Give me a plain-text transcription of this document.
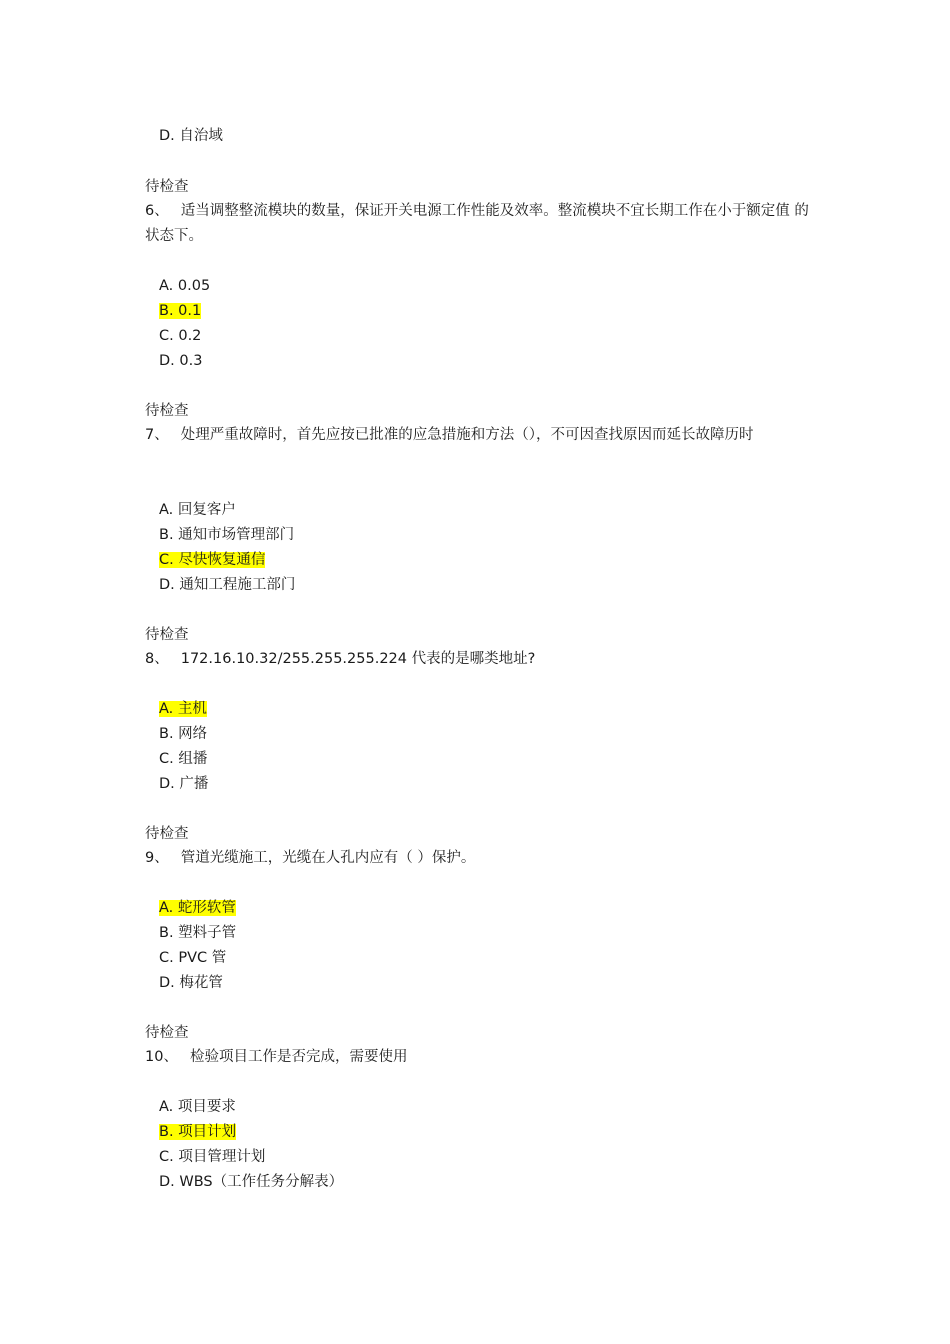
D. 自治域
待检查
6、 适当调整整流模块的数量，保证开关电源工作性能及效率。整流模块不宜长期工作在小于额定值 的状态下。
A. 0.05
B. 0.1
C. 0.2
D. 0.3
待检查
7、 处理严重故障时，首先应按已批准的应急措施和方法（），不可因查找原因而延长故障历时
A. 回复客户
B. 通知市场管理部门
C. 尽快恢复通信
D. 通知工程施工部门
待检查
8、 172.16.10.32/255.255.255.224 代表的是哪类地址?
A. 主机
B. 网络
C. 组播
D. 广播
待检查
9、 管道光缆施工，光缆在人孔内应有（ ）保护。
A. 蛇形软管
B. 塑料子管
C. PVC 管
D. 梅花管
待检查
10、 检验项目工作是否完成，需要使用
A. 项目要求
B. 项目计划
C. 项目管理计划
D. WBS（工作任务分解表）
